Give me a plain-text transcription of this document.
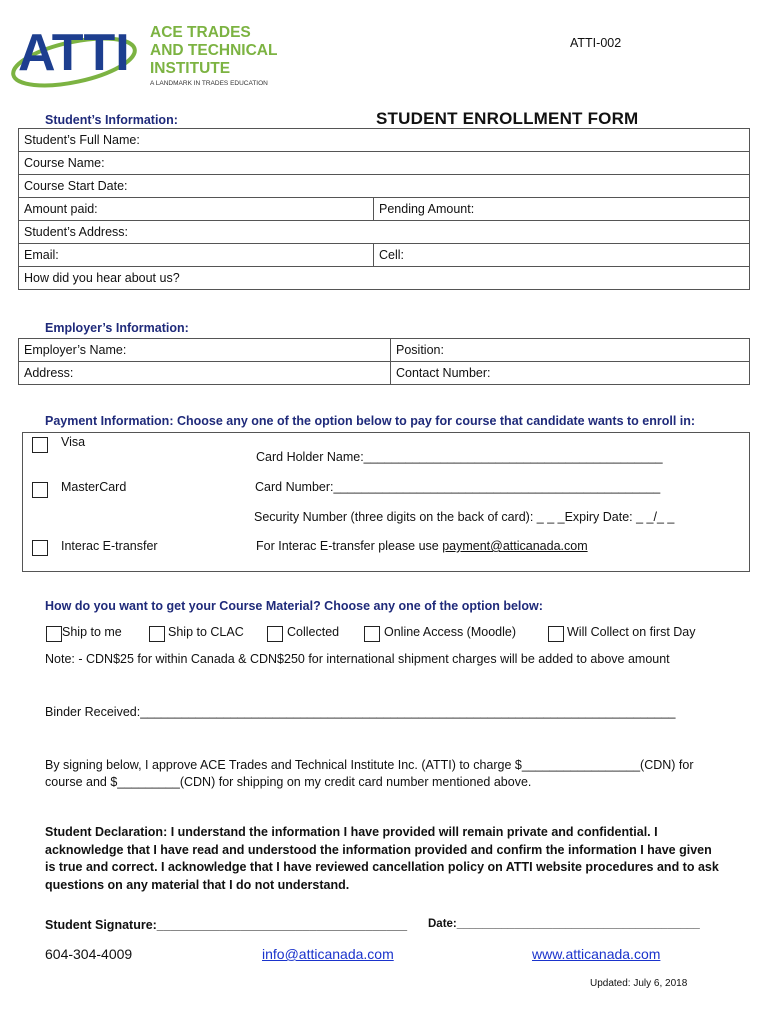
ATTI ACE TRADES
AND TECHNICAL
INSTITUTE
A LANDMARK IN TRADES EDUCATION
ATTI-002
STUDENT ENROLLMENT FORM
Student’s Information:
Student’s Full Name:	
Course Name:	
Course Start Date:	
Amount paid:	Pending Amount:
Student’s Address:	
Email:	Cell:
How did you hear about us?	
Employer’s Information:
Employer’s Name:	Position:
Address:	Contact Number:
Payment Information: Choose any one of the option below to pay for course that candidate wants to enroll in:
Visa
Card Holder Name:___________________________________________
MasterCard	Card Number:_______________________________________________
Security Number (three digits on the back of card): _ _ _Expiry Date: _ _/_ _
Interac E-transfer	For Interac E-transfer please use payment@atticanada.com
How do you want to get your Course Material? Choose any one of the option below:
Ship to me	Ship to CLAC	Collected	Online Access (Moodle)	Will Collect on first Day
Note: - CDN$25 for within Canada & CDN$250 for international shipment charges will be added to above amount
Binder Received:_____________________________________________________________________________
By signing below, I approve ACE Trades and Technical Institute Inc. (ATTI) to charge $_________________(CDN) for
course and $_________(CDN) for shipping on my credit card number mentioned above.
Student Declaration: I understand the information I have provided will remain private and confidential. I acknowledge that I have read and understood the information provided and confirm the information I have given is true and correct. I acknowledge that I have reviewed cancellation policy on ATTI website procedures and to ask questions on any material that I do not understand.
Student Signature:____________________________________ Date:______________________________________
604-304-4009	info@atticanada.com	www.atticanada.com
Updated: July 6, 2018
